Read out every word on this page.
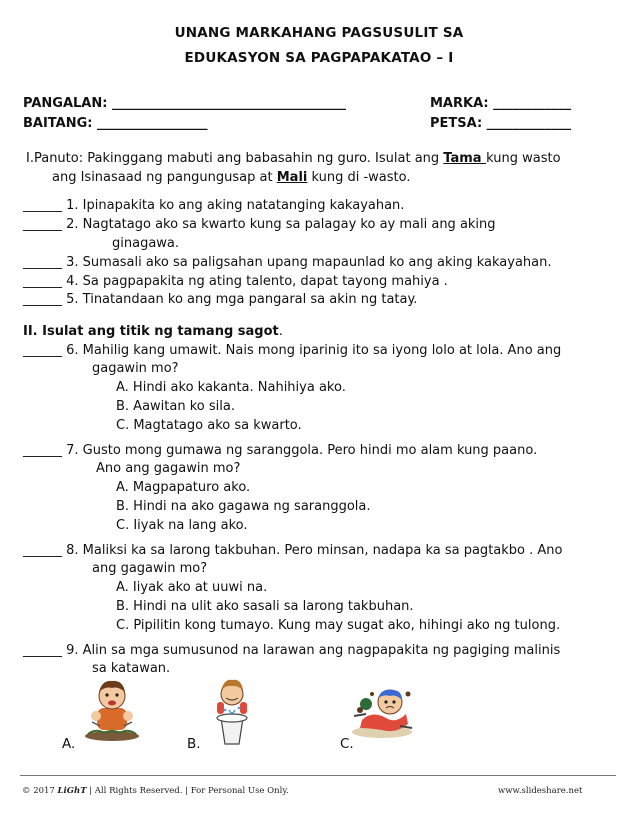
UNANG MARKAHANG PAGSUSULIT SA
EDUKASYON SA PAGPAPAKATAO – I
PANGALAN: ____________________________________	MARKA: ____________
BAITANG: _________________	PETSA: _____________
I.Panuto: Pakinggang mabuti ang babasahin ng guro. Isulat ang Tama kung wasto
ang Isinasaad ng pangungusap at Mali kung di -wasto.
______ 1. Ipinapakita ko ang aking natatanging kakayahan.
______ 2. Nagtatago ako sa kwarto kung sa palagay ko ay mali ang aking
ginagawa.
______ 3. Sumasali ako sa paligsahan upang mapaunlad ko ang aking kakayahan.
______ 4. Sa pagpapakita ng ating talento, dapat tayong mahiya .
______ 5. Tinatandaan ko ang mga pangaral sa akin ng tatay.
II. Isulat ang titik ng tamang sagot.
______ 6. Mahilig kang umawit. Nais mong iparinig ito sa iyong lolo at lola. Ano ang
gagawin mo?
A. Hindi ako kakanta. Nahihiya ako.
B. Aawitan ko sila.
C. Magtatago ako sa kwarto.
______ 7. Gusto mong gumawa ng saranggola. Pero hindi mo alam kung paano.
Ano ang gagawin mo?
A. Magpapaturo ako.
B. Hindi na ako gagawa ng saranggola.
C. Iiyak na lang ako.
______ 8. Maliksi ka sa larong takbuhan. Pero minsan, nadapa ka sa pagtakbo . Ano
ang gagawin mo?
A. Iiyak ako at uuwi na.
B. Hindi na ulit ako sasali sa larong takbuhan.
C. Pipilitin kong tumayo. Kung may sugat ako, hihingi ako ng tulong.
______ 9. Alin sa mga sumusunod na larawan ang nagpapakita ng pagiging malinis
sa katawan.
A.	B.	C.
© 2017 LiGhT | All Rights Reserved. | For Personal Use Only.	www.slideshare.net
